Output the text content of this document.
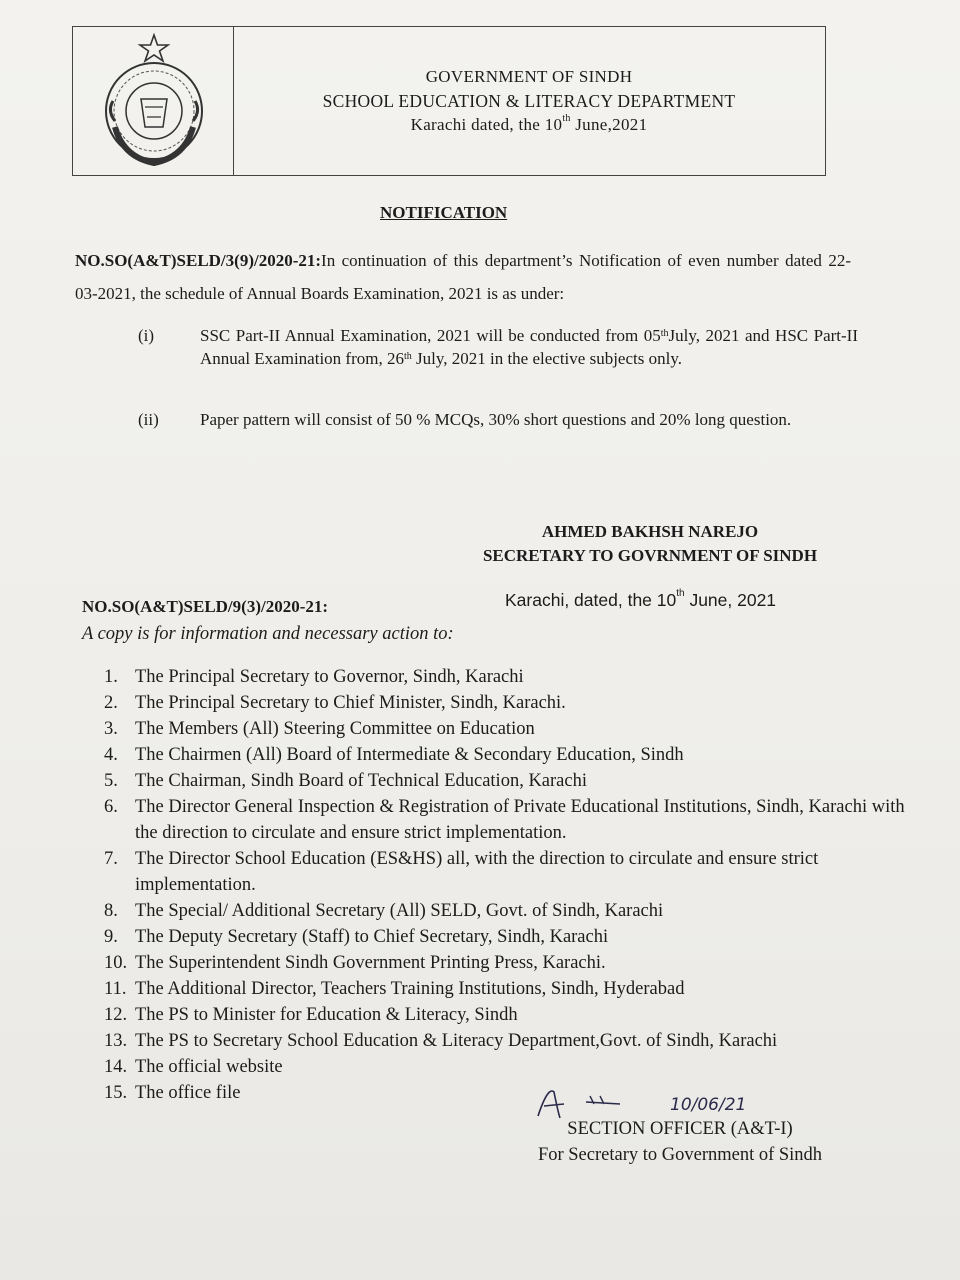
GOVERNMENT OF SINDH
SCHOOL EDUCATION & LITERACY DEPARTMENT
Karachi dated, the 10th June,2021
NOTIFICATION
NO.SO(A&T)SELD/3(9)/2020-21:In continuation of this department’s Notification of even number dated 22-03-2021, the schedule of Annual Boards Examination, 2021 is as under:
(i)	SSC Part-II Annual Examination, 2021 will be conducted from 05thJuly, 2021 and HSC Part-II Annual Examination from, 26th July, 2021 in the elective subjects only.
(ii)	Paper pattern will consist of 50 % MCQs, 30% short questions and 20% long question.
AHMED BAKHSH NAREJO
SECRETARY TO GOVRNMENT OF SINDH
NO.SO(A&T)SELD/9(3)/2020-21:	Karachi, dated, the 10th June, 2021
A copy is for information and necessary action to:
1. The Principal Secretary to Governor, Sindh, Karachi
2. The Principal Secretary to Chief Minister, Sindh, Karachi.
3. The Members (All) Steering Committee on Education
4. The Chairmen (All) Board of Intermediate & Secondary Education, Sindh
5. The Chairman, Sindh Board of Technical Education, Karachi
6. The Director General Inspection & Registration of Private Educational Institutions, Sindh, Karachi with the direction to circulate and ensure strict implementation.
7. The Director School Education (ES&HS) all, with the direction to circulate and ensure strict implementation.
8. The Special/ Additional Secretary (All) SELD, Govt. of Sindh, Karachi
9. The Deputy Secretary (Staff) to Chief Secretary, Sindh, Karachi
10. The Superintendent Sindh Government Printing Press, Karachi.
11. The Additional Director, Teachers Training Institutions, Sindh, Hyderabad
12. The PS to Minister for Education & Literacy, Sindh
13. The PS to Secretary School Education & Literacy Department,Govt. of Sindh, Karachi
14. The official website
15. The office file
10/06/21
SECTION OFFICER (A&T-I)
For Secretary to Government of Sindh
